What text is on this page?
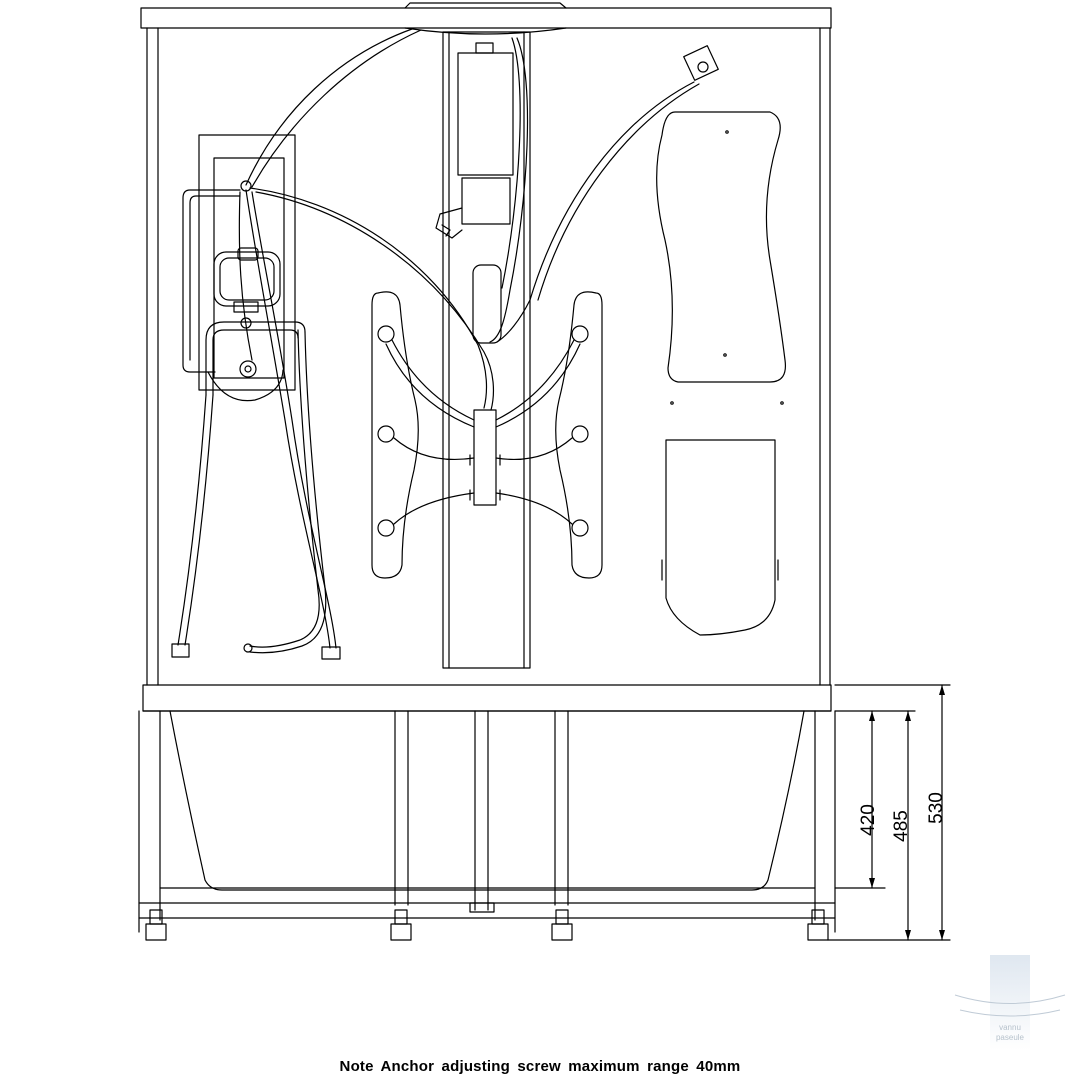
420 485
530
vannu
paseule
Note Anchor adjusting screw maximum range 40mm
